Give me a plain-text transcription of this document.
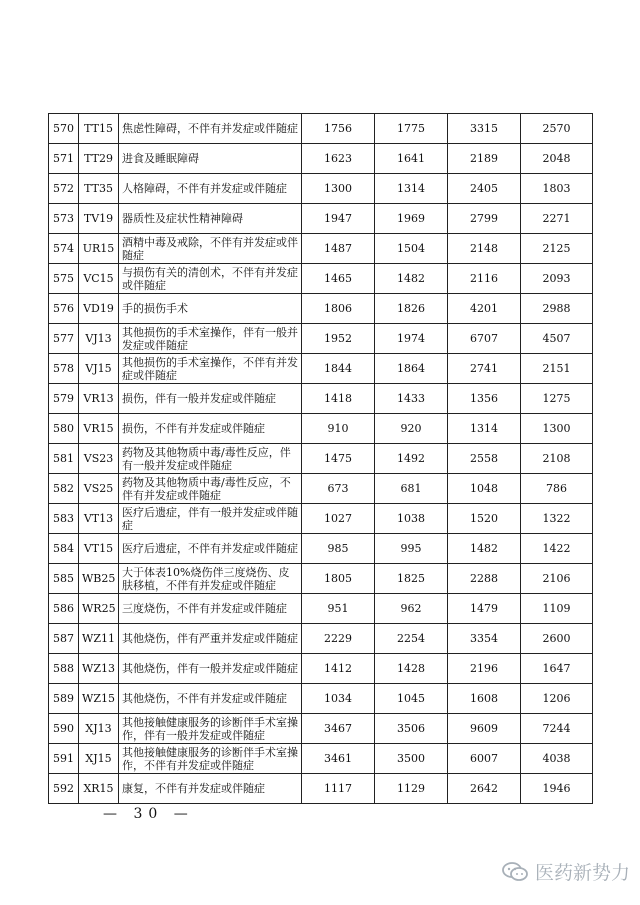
570	TT15	焦虑性障碍，不伴有并发症或伴随症	1756	1775	3315	2570
571	TT29	进食及睡眠障碍	1623	1641	2189	2048
572	TT35	人格障碍，不伴有并发症或伴随症	1300	1314	2405	1803
573	TV19	器质性及症状性精神障碍	1947	1969	2799	2271
574	UR15	酒精中毒及戒除，不伴有并发症或伴随症	1487	1504	2148	2125
575	VC15	与损伤有关的清创术，不伴有并发症或伴随症	1465	1482	2116	2093
576	VD19	手的损伤手术	1806	1826	4201	2988
577	VJ13	其他损伤的手术室操作，伴有一般并发症或伴随症	1952	1974	6707	4507
578	VJ15	其他损伤的手术室操作，不伴有并发症或伴随症	1844	1864	2741	2151
579	VR13	损伤，伴有一般并发症或伴随症	1418	1433	1356	1275
580	VR15	损伤，不伴有并发症或伴随症	910	920	1314	1300
581	VS23	药物及其他物质中毒/毒性反应，伴有一般并发症或伴随症	1475	1492	2558	2108
582	VS25	药物及其他物质中毒/毒性反应，不伴有并发症或伴随症	673	681	1048	786
583	VT13	医疗后遗症，伴有一般并发症或伴随症	1027	1038	1520	1322
584	VT15	医疗后遗症，不伴有并发症或伴随症	985	995	1482	1422
585	WB25	大于体表10%烧伤伴三度烧伤、皮肤移植，不伴有并发症或伴随症	1805	1825	2288	2106
586	WR25	三度烧伤，不伴有并发症或伴随症	951	962	1479	1109
587	WZ11	其他烧伤，伴有严重并发症或伴随症	2229	2254	3354	2600
588	WZ13	其他烧伤，伴有一般并发症或伴随症	1412	1428	2196	1647
589	WZ15	其他烧伤，不伴有并发症或伴随症	1034	1045	1608	1206
590	XJ13	其他接触健康服务的诊断伴手术室操作，伴有一般并发症或伴随症	3467	3506	9609	7244
591	XJ15	其他接触健康服务的诊断伴手术室操作，不伴有并发症或伴随症	3461	3500	6007	4038
592	XR15	康复，不伴有并发症或伴随症	1117	1129	2642	1946
— 30 —
医药新势力
